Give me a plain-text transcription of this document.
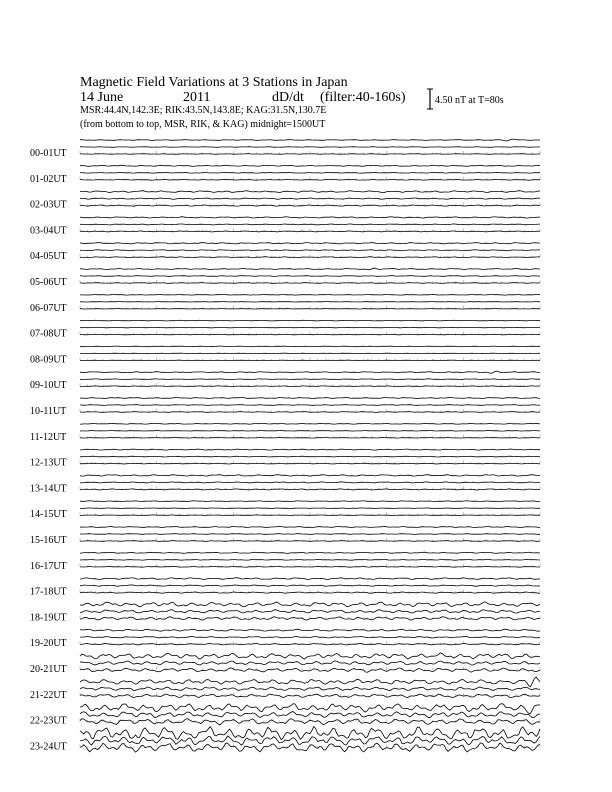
Magnetic Field Variations at 3 Stations in Japan
14 June	2011	dD/dt (filter:40-160s)
MSR:44.4N,142.3E; RIK:43.5N,143.8E; KAG:31.5N,130.7E
(from bottom to top, MSR, RIK, & KAG) midnight=1500UT
4.50 nT at T=80s
00-01UT
01-02UT
02-03UT
03-04UT
04-05UT
05-06UT
06-07UT
07-08UT
08-09UT
09-10UT
10-11UT
11-12UT
12-13UT
13-14UT
14-15UT
15-16UT
16-17UT
17-18UT
18-19UT
19-20UT
20-21UT
21-22UT
22-23UT
23-24UT
